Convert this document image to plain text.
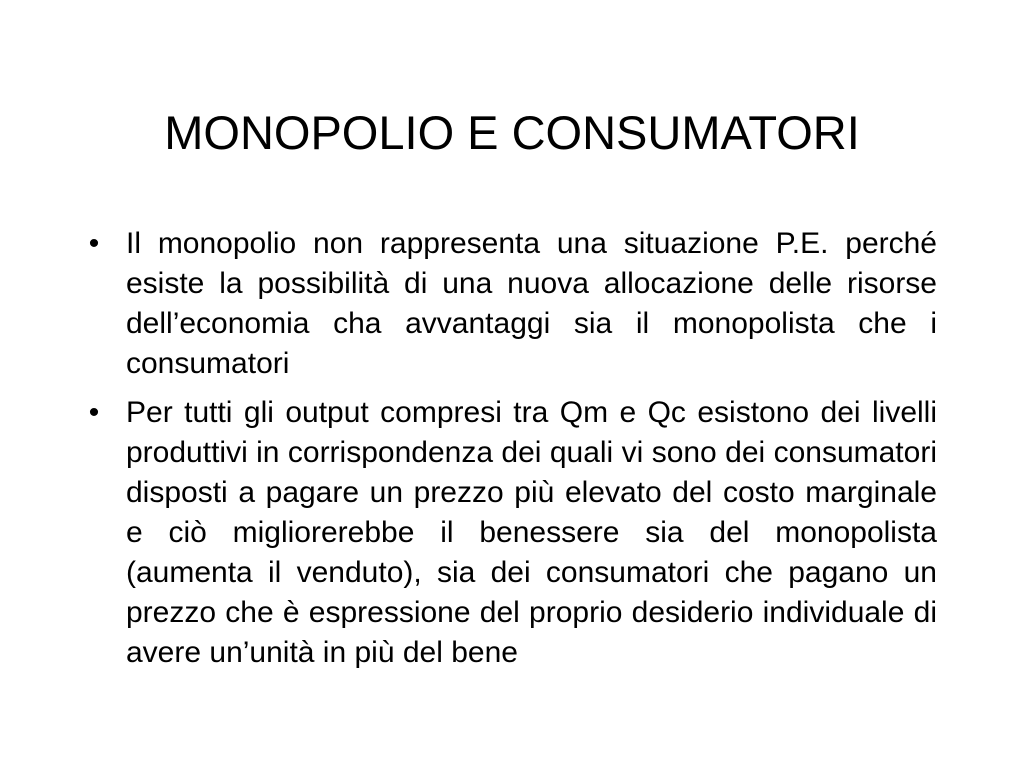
MONOPOLIO E CONSUMATORI
• Il monopolio non rappresenta una situazione P.E. perché esiste la possibilità di una nuova allocazione delle risorse dell’economia cha avvantaggi sia il monopolista che i consumatori
• Per tutti gli output compresi tra Qm e Qc esistono dei livelli produttivi in corrispondenza dei quali vi sono dei consumatori disposti a pagare un prezzo più elevato del costo marginale e ciò migliorerebbe il benessere sia del monopolista (aumenta il venduto), sia dei consumatori che pagano un prezzo che è espressione del proprio desiderio individuale di avere un’unità in più del bene
